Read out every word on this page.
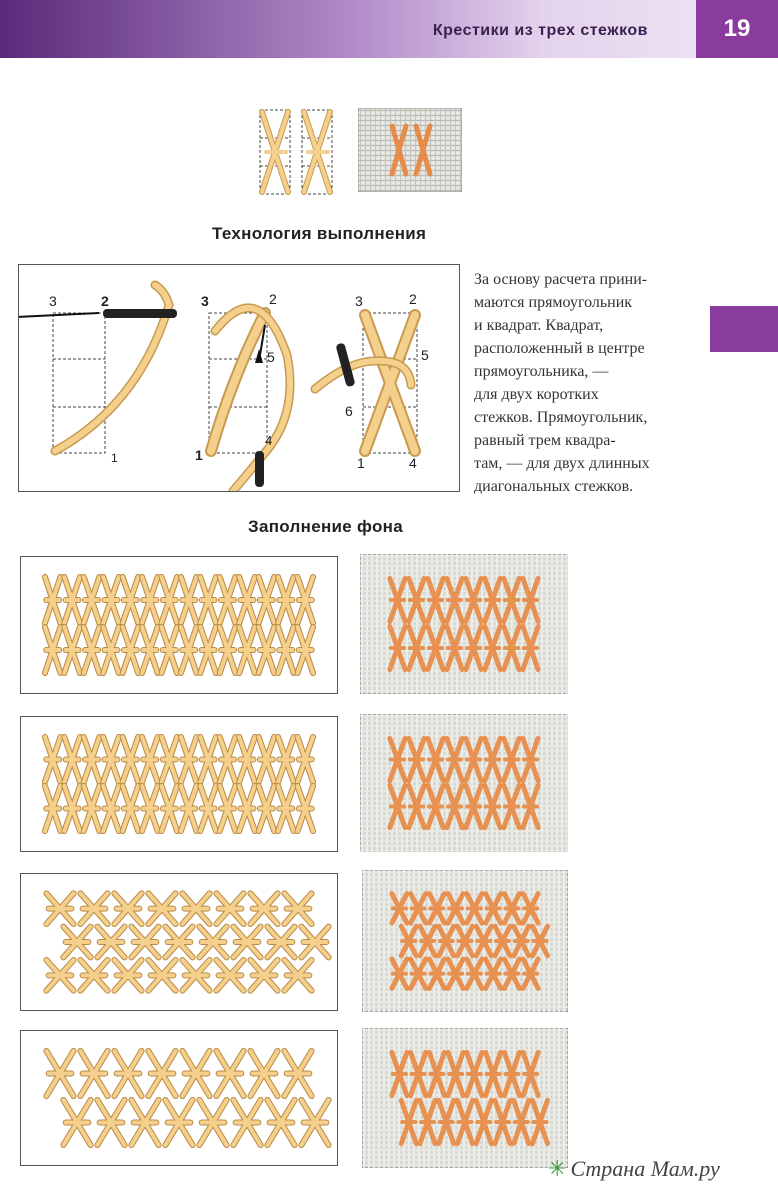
Крестики из трех стежков	19
Технология выполнения
3	2
1
3	2
5
1
4
3	2
5
6
1	4
За основу расчета прини-
маются прямоугольник
и квадрат. Квадрат,
расположенный в центре
прямоугольника, —
для двух коротких
стежков. Прямоугольник,
равный трем квадра-
там, — для двух длинных
диагональных стежков.
Заполнение фона
✳ Страна Мам.ру
